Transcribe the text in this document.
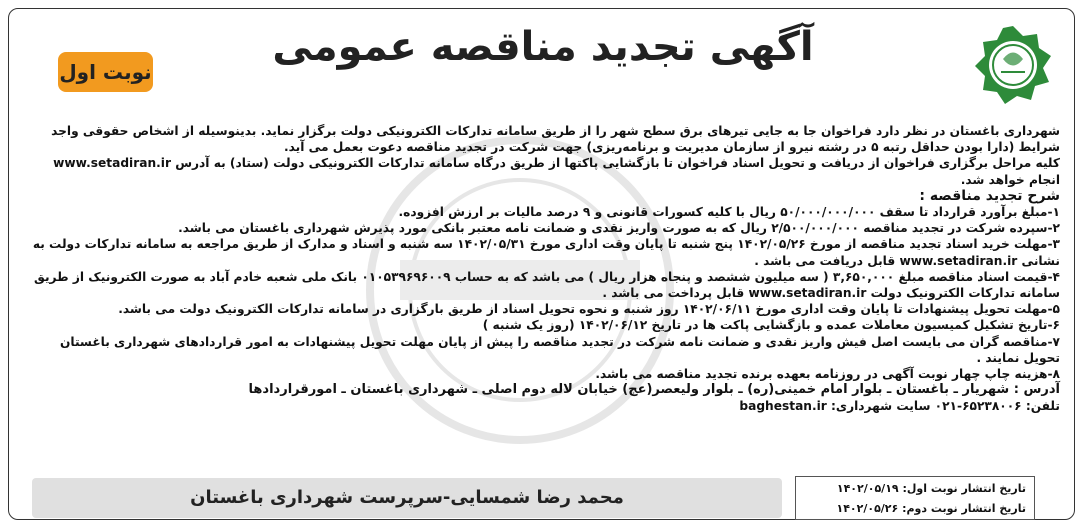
نوبت اول
آگهی تجدید مناقصه عمومی

شهرداری باغستان در نظر دارد فراخوان جا به جایی تیرهای برق سطح شهر را از طریق سامانه تدارکات الکترونیکی دولت برگزار نماید. بدینوسیله از اشخاص حقوقی واجد شرایط (دارا بودن حداقل رتبه ۵ در رشته نیرو از سازمان مدیریت و برنامه‌ریزی) جهت شرکت در تجدید مناقصه دعوت بعمل می آید.

کلیه مراحل برگزاری فراخوان از دریافت و تحویل اسناد فراخوان تا بازگشایی پاکتها از طریق درگاه سامانه تدارکات الکترونیکی دولت (ستاد) به آدرس www.setadiran.ir انجام خواهد شد.

شرح تجدید مناقصه :

۱-مبلغ برآورد قرارداد تا سقف ۵۰/۰۰۰/۰۰۰/۰۰۰ ریال با کلیه کسورات قانونی و ۹ درصد مالیات بر ارزش افزوده.

۲-سپرده شرکت در تجدید مناقصه ۲/۵۰۰/۰۰۰/۰۰۰ ریال که به صورت واریز نقدی و ضمانت نامه معتبر بانکی مورد پذیرش شهرداری باغستان می باشد.

۳-مهلت خرید اسناد تجدید مناقصه از مورخ ۱۴۰۲/۰۵/۲۶ پنج شنبه تا پایان وقت اداری مورخ ۱۴۰۲/۰۵/۳۱ سه شنبه و اسناد و مدارک از طریق مراجعه به سامانه تدارکات دولت به نشانی www.setadiran.ir قابل دریافت می باشد .

۴-قیمت اسناد مناقصه مبلغ ۳,۶۵۰,۰۰۰ ( سه میلیون ششصد و پنجاه هزار ریال ) می باشد که به حساب ۰۱۰۵۳۹۶۹۶۰۰۹ بانک ملی شعبه خادم آباد به صورت الکترونیک از طریق سامانه تدارکات الکترونیک دولت www.setadiran.ir قابل پرداخت می باشد .

۵-مهلت تحویل پیشنهادات تا پایان وقت اداری مورخ ۱۴۰۲/۰۶/۱۱ روز شنبه و نحوه تحویل اسناد از طریق بارگزاری در سامانه تدارکات الکترونیک دولت می باشد.

۶-تاریخ تشکیل کمیسیون معاملات عمده و بازگشایی پاکت ها در تاریخ ۱۴۰۲/۰۶/۱۲ (روز یک شنبه )

۷-مناقصه گران می بایست اصل فیش واریز نقدی و ضمانت نامه شرکت در تجدید مناقصه را پیش از پایان مهلت تحویل پیشنهادات به امور قراردادهای شهرداری باغستان تحویل نمایند .

۸-هزینه چاپ چهار نوبت آگهی در روزنامه بعهده برنده تجدید مناقصه می باشد.

آدرس : شهریار ـ باغستان ـ بلوار امام خمینی(ره) ـ بلوار ولیعصر(عج) خیابان لاله دوم اصلی ـ شهرداری باغستان ـ امورقراردادها

تلفن: ۶۵۲۳۸۰۰۶-۰۲۱ سایت شهرداری: baghestan.ir

محمد رضا شمسایی-سرپرست شهرداری باغستان	تاریخ انتشار نوبت اول: ۱۴۰۲/۰۵/۱۹
تاریخ انتشار نوبت دوم: ۱۴۰۲/۰۵/۲۶
